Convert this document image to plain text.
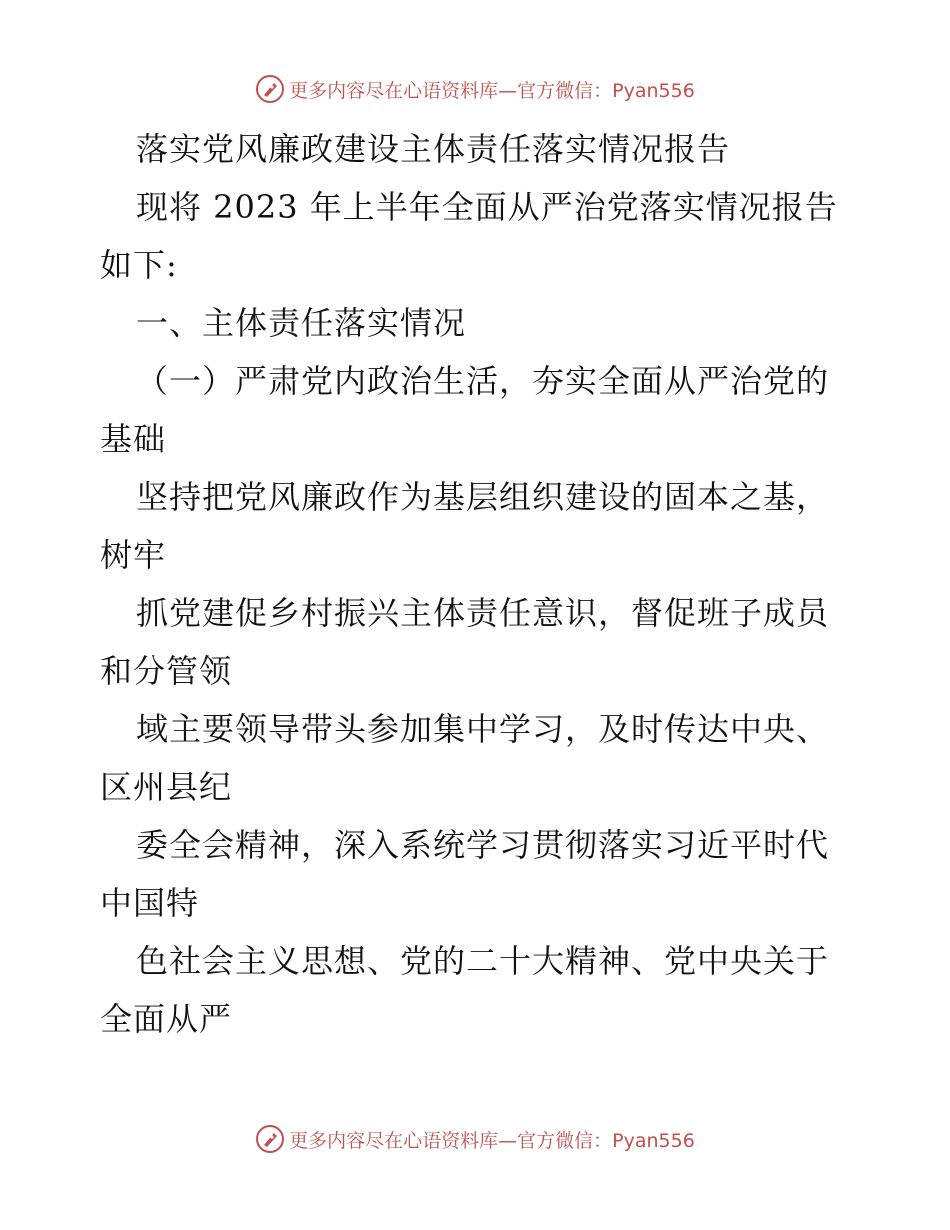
更多内容尽在心语资料库—官方微信：Pyan556
落实党风廉政建设主体责任落实情况报告
现将 2023 年上半年全面从严治党落实情况报告
如下:
一、主体责任落实情况
（一）严肃党内政治生活，夯实全面从严治党的
基础
坚持把党风廉政作为基层组织建设的固本之基，
树牢
抓党建促乡村振兴主体责任意识，督促班子成员
和分管领
域主要领导带头参加集中学习，及时传达中央、
区州县纪
委全会精神，深入系统学习贯彻落实习近平时代
中国特
色社会主义思想、党的二十大精神、党中央关于
全面从严
更多内容尽在心语资料库—官方微信：Pyan556
